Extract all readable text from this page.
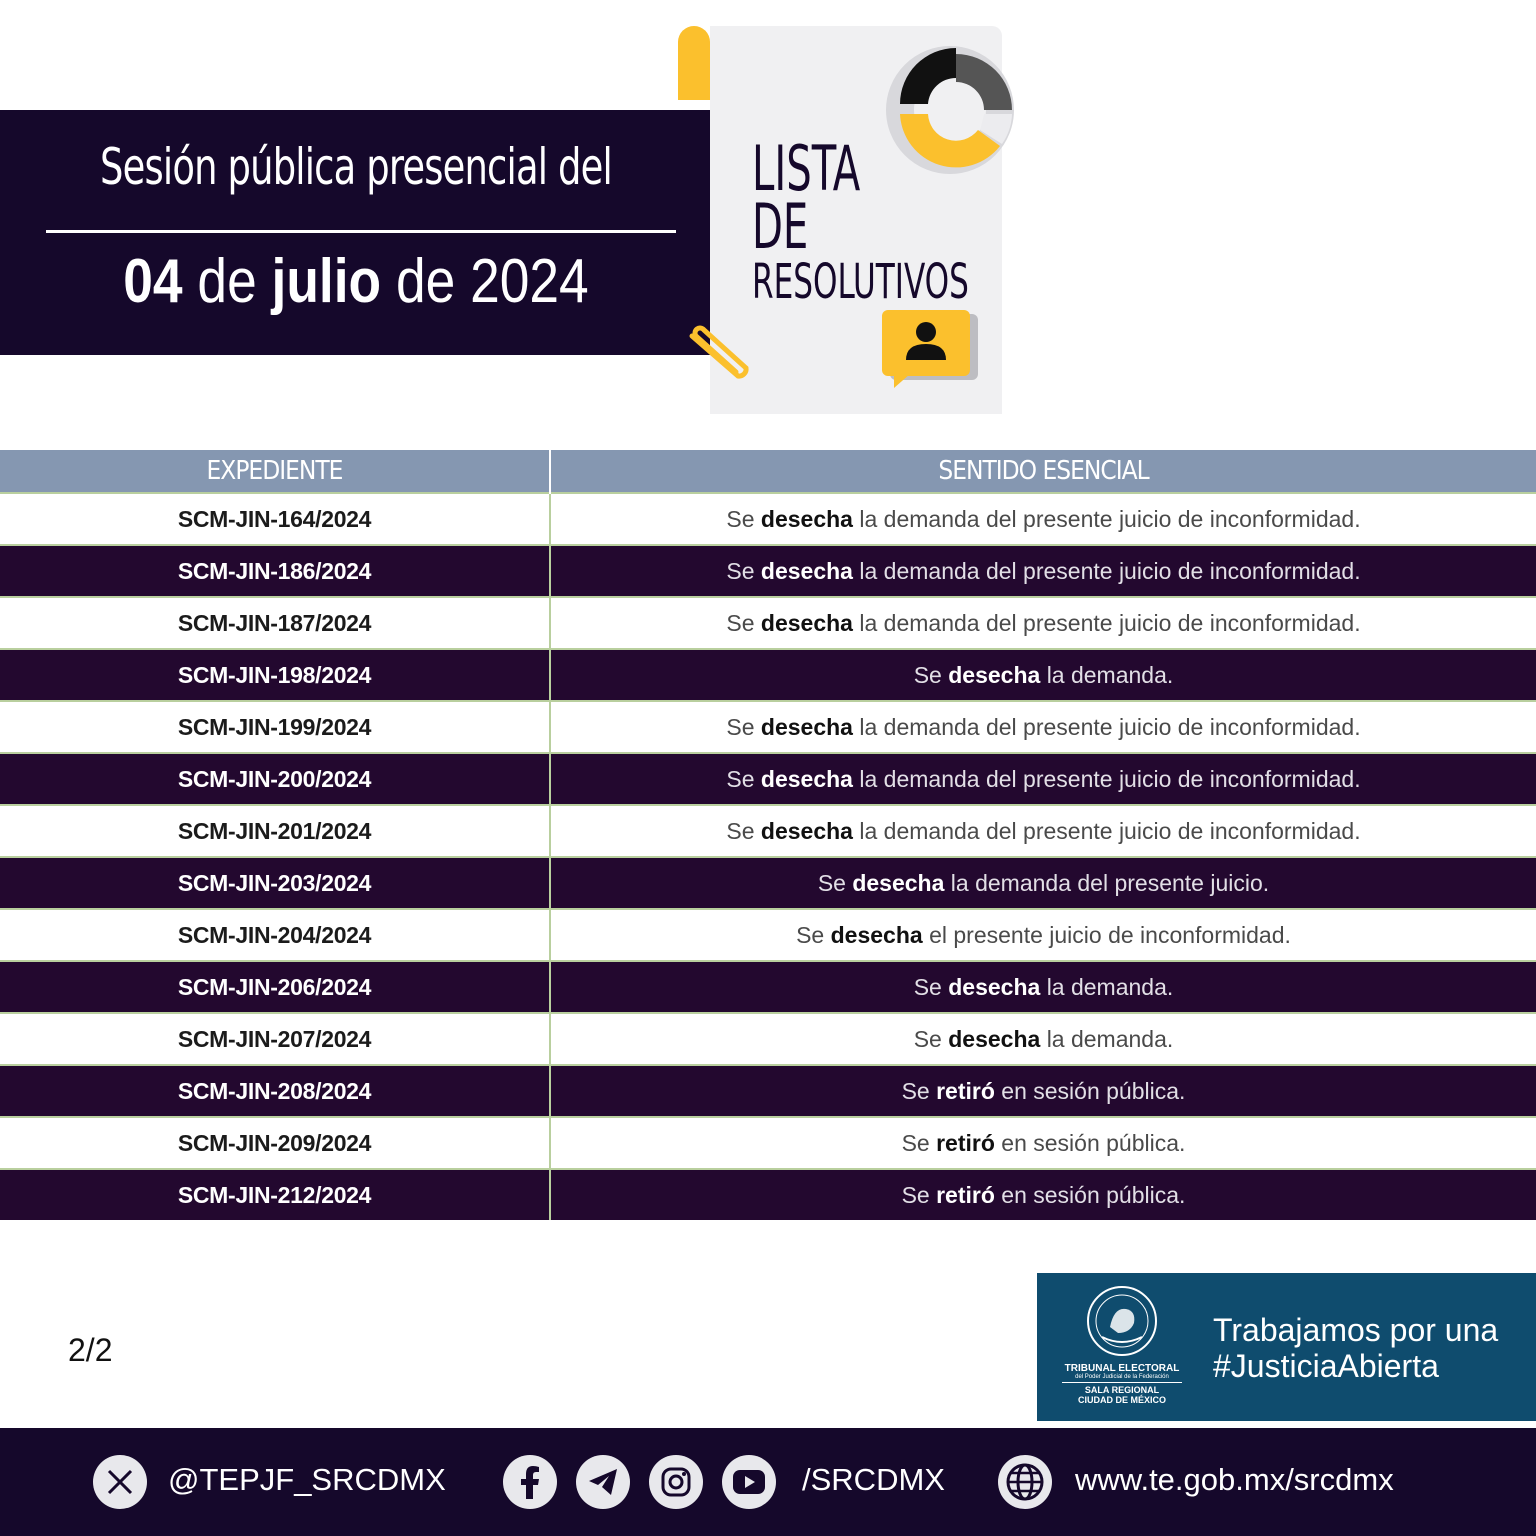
Sesión pública presencial del
04 de julio de 2024
LISTA
DE
RESOLUTIVOS
EXPEDIENTE	SENTIDO ESENCIAL
SCM-JIN-164/2024	Se desecha la demanda del presente juicio de inconformidad.
SCM-JIN-186/2024	Se desecha la demanda del presente juicio de inconformidad.
SCM-JIN-187/2024	Se desecha la demanda del presente juicio de inconformidad.
SCM-JIN-198/2024	Se desecha la demanda.
SCM-JIN-199/2024	Se desecha la demanda del presente juicio de inconformidad.
SCM-JIN-200/2024	Se desecha la demanda del presente juicio de inconformidad.
SCM-JIN-201/2024	Se desecha la demanda del presente juicio de inconformidad.
SCM-JIN-203/2024	Se desecha la demanda del presente juicio.
SCM-JIN-204/2024	Se desecha el presente juicio de inconformidad.
SCM-JIN-206/2024	Se desecha la demanda.
SCM-JIN-207/2024	Se desecha la demanda.
SCM-JIN-208/2024	Se retiró en sesión pública.
SCM-JIN-209/2024	Se retiró en sesión pública.
SCM-JIN-212/2024	Se retiró en sesión pública.
2/2
TRIBUNAL ELECTORAL
del Poder Judicial de la Federación
SALA REGIONAL
CIUDAD DE MÉXICO
Trabajamos por una
#JusticiaAbierta
@TEPJF_SRCDMX	/SRCDMX	www.te.gob.mx/srcdmx
